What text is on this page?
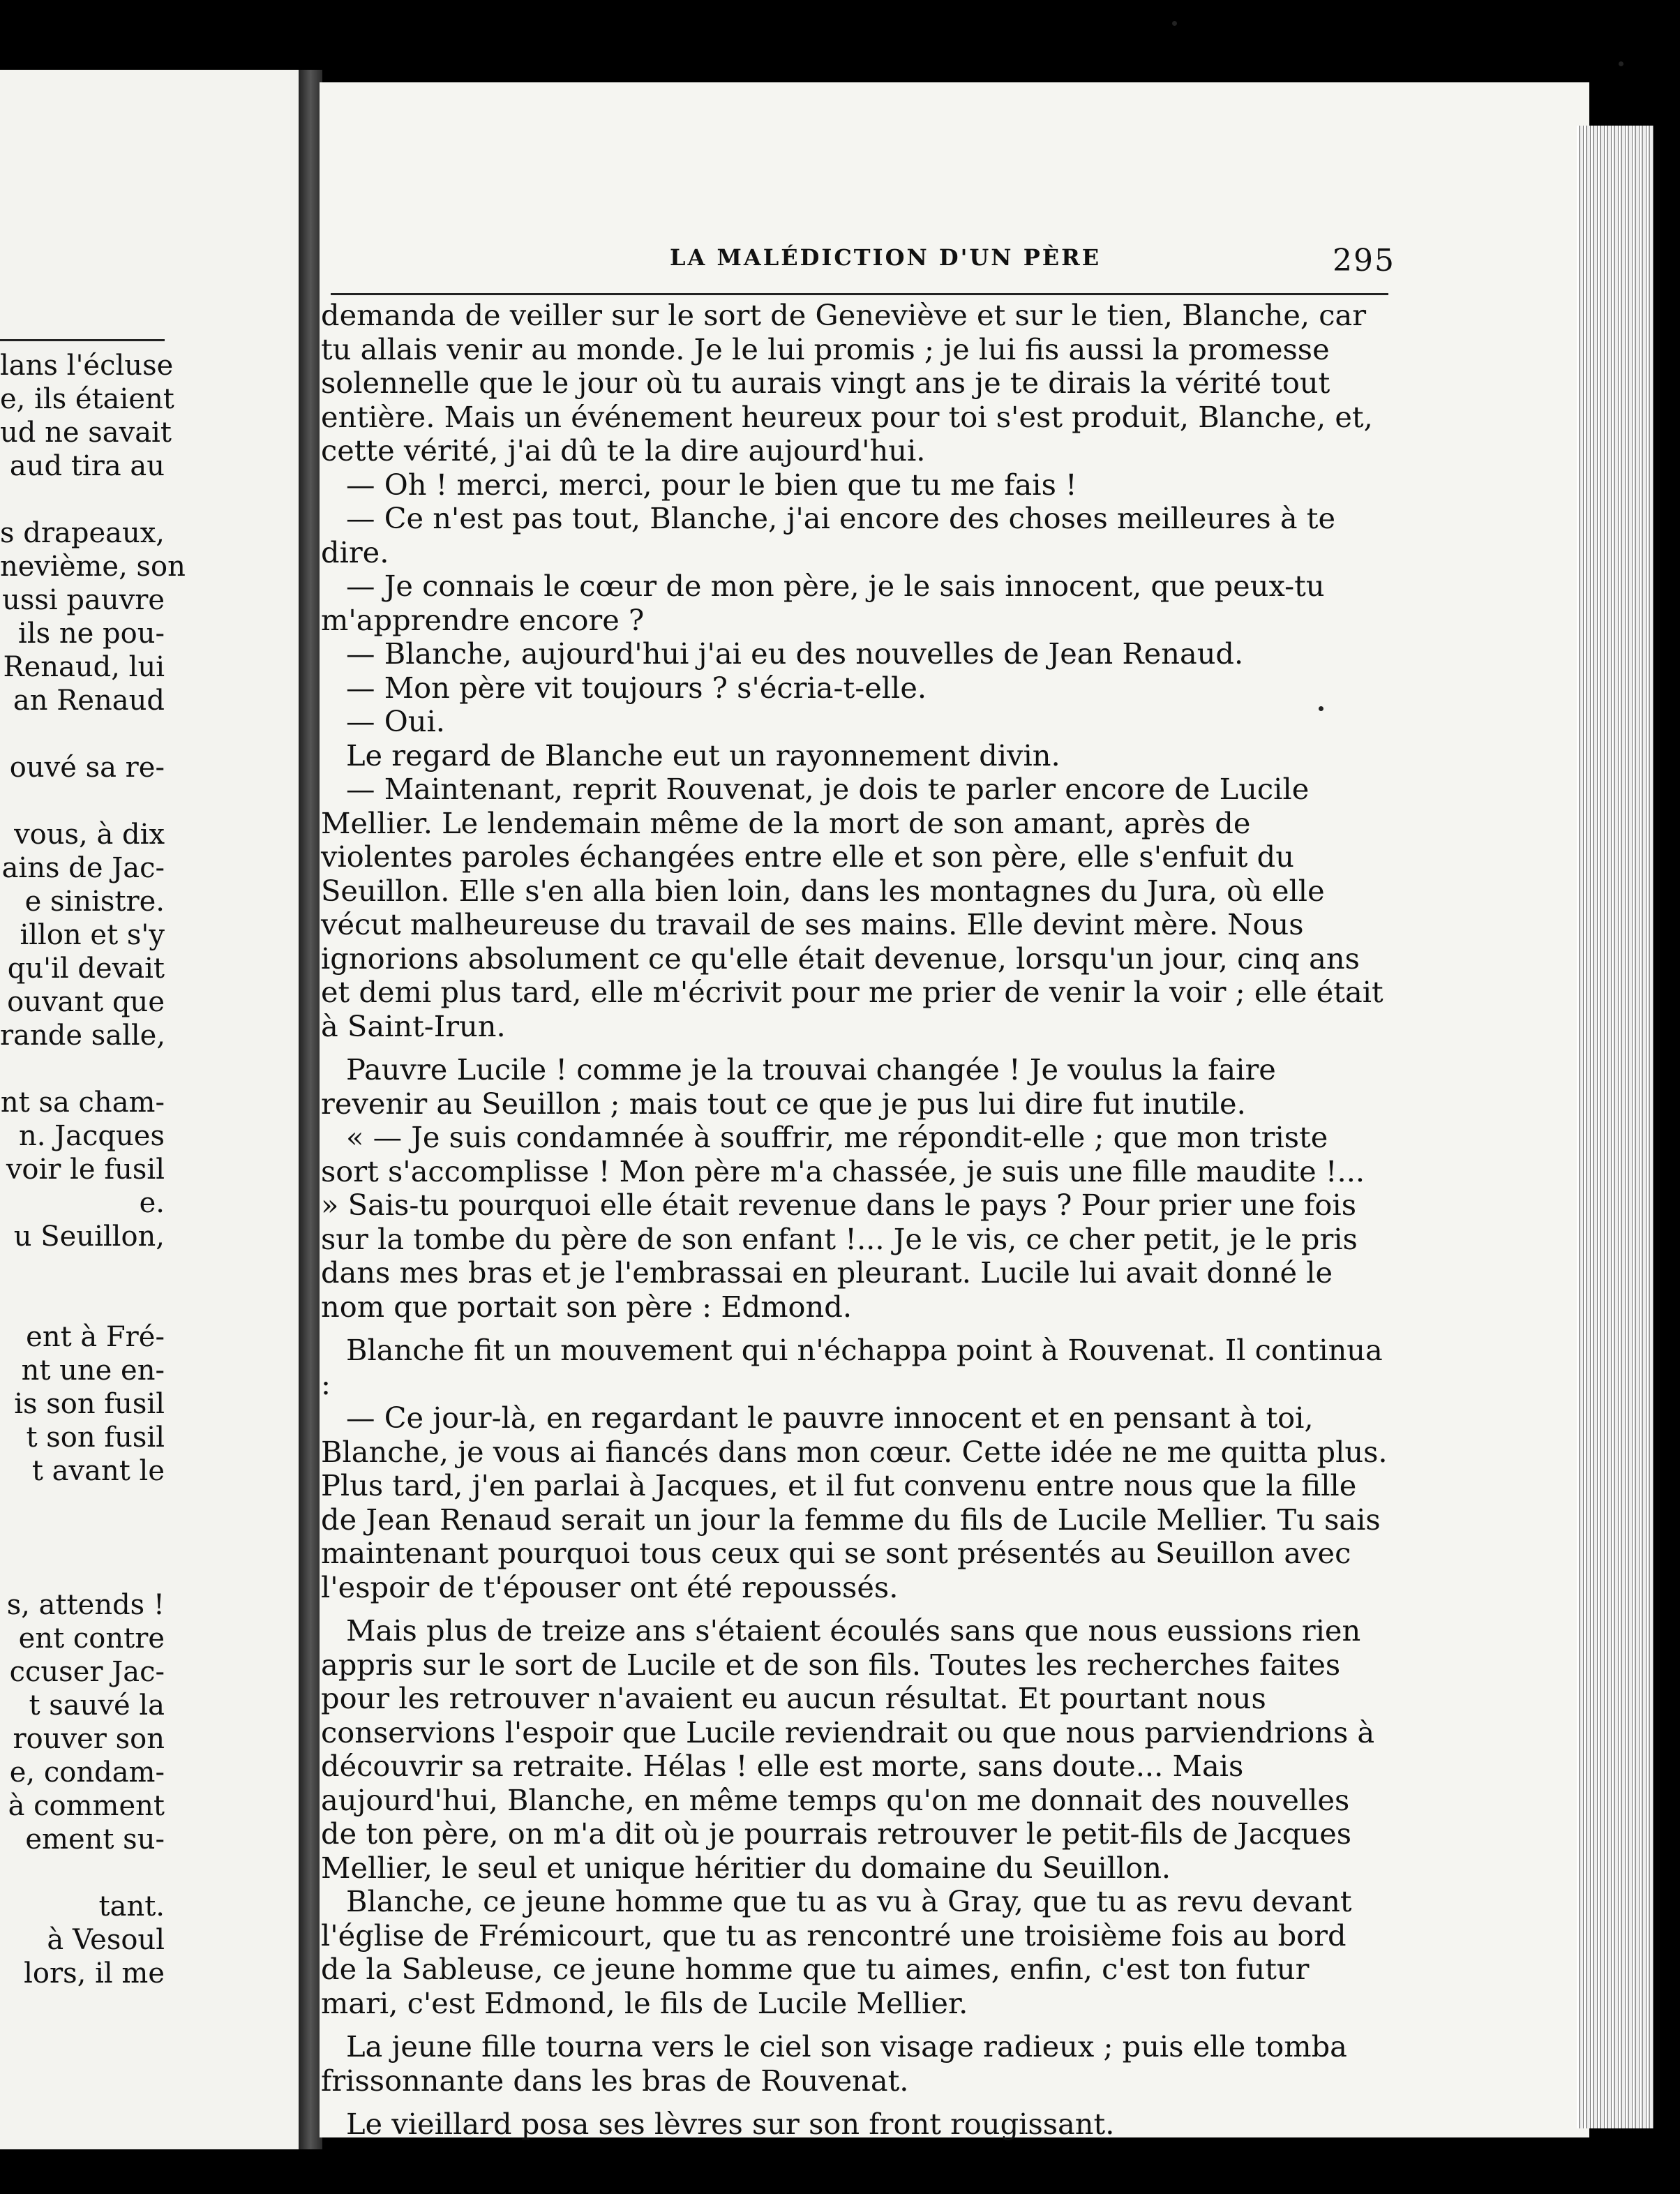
lans l'écluse
e, ils étaient
ud ne savait
aud tira au

s drapeaux,
nevième, son
ussi pauvre
ils ne pou-
Renaud, lui
an Renaud

ouvé sa re-

vous, à dix
ains de Jac-
e sinistre.
illon et s'y
qu'il devait
ouvant que
rande salle,

nt sa cham-
n. Jacques
voir le fusil
e.
u Seuillon,

ent à Fré-
nt une en-
is son fusil
t son fusil
t avant le

s, attends !
ent contre
ccuser Jac-
t sauvé la
rouver son
e, condam-
à comment
ement su-

tant.
à Vesoul
lors, il me
LA MALÉDICTION D'UN PÈRE	295
demanda de veiller sur le sort de Geneviève et sur le tien, Blanche, car tu allais venir au monde. Je le lui promis ; je lui fis aussi la promesse solennelle que le jour où tu aurais vingt ans je te dirais la vérité tout entière. Mais un événement heureux pour toi s'est produit, Blanche, et, cette vérité, j'ai dû te la dire aujourd'hui.
— Oh ! merci, merci, pour le bien que tu me fais !
— Ce n'est pas tout, Blanche, j'ai encore des choses meilleures à te dire.
— Je connais le cœur de mon père, je le sais innocent, que peux-tu m'apprendre encore ?
— Blanche, aujourd'hui j'ai eu des nouvelles de Jean Renaud.
— Mon père vit toujours ? s'écria-t-elle.
— Oui.
Le regard de Blanche eut un rayonnement divin.
— Maintenant, reprit Rouvenat, je dois te parler encore de Lucile Mellier. Le lendemain même de la mort de son amant, après de violentes paroles échangées entre elle et son père, elle s'enfuit du Seuillon. Elle s'en alla bien loin, dans les montagnes du Jura, où elle vécut malheureuse du travail de ses mains. Elle devint mère. Nous ignorions absolument ce qu'elle était devenue, lorsqu'un jour, cinq ans et demi plus tard, elle m'écrivit pour me prier de venir la voir ; elle était à Saint-Irun.
Pauvre Lucile ! comme je la trouvai changée ! Je voulus la faire revenir au Seuillon ; mais tout ce que je pus lui dire fut inutile.
« — Je suis condamnée à souffrir, me répondit-elle ; que mon triste sort s'accomplisse ! Mon père m'a chassée, je suis une fille maudite !... » Sais-tu pourquoi elle était revenue dans le pays ? Pour prier une fois sur la tombe du père de son enfant !... Je le vis, ce cher petit, je le pris dans mes bras et je l'embrassai en pleurant. Lucile lui avait donné le nom que portait son père : Edmond.
Blanche fit un mouvement qui n'échappa point à Rouvenat. Il continua :
— Ce jour-là, en regardant le pauvre innocent et en pensant à toi, Blanche, je vous ai fiancés dans mon cœur. Cette idée ne me quitta plus. Plus tard, j'en parlai à Jacques, et il fut convenu entre nous que la fille de Jean Renaud serait un jour la femme du fils de Lucile Mellier. Tu sais maintenant pourquoi tous ceux qui se sont présentés au Seuillon avec l'espoir de t'épouser ont été repoussés.
Mais plus de treize ans s'étaient écoulés sans que nous eussions rien appris sur le sort de Lucile et de son fils. Toutes les recherches faites pour les retrouver n'avaient eu aucun résultat. Et pourtant nous conservions l'espoir que Lucile reviendrait ou que nous parviendrions à découvrir sa retraite. Hélas ! elle est morte, sans doute... Mais aujourd'hui, Blanche, en même temps qu'on me donnait des nouvelles de ton père, on m'a dit où je pourrais retrouver le petit-fils de Jacques Mellier, le seul et unique héritier du domaine du Seuillon.
Blanche, ce jeune homme que tu as vu à Gray, que tu as revu devant l'église de Frémicourt, que tu as rencontré une troisième fois au bord de la Sableuse, ce jeune homme que tu aimes, enfin, c'est ton futur mari, c'est Edmond, le fils de Lucile Mellier.
La jeune fille tourna vers le ciel son visage radieux ; puis elle tomba frissonnante dans les bras de Rouvenat.
Le vieillard posa ses lèvres sur son front rougissant.
